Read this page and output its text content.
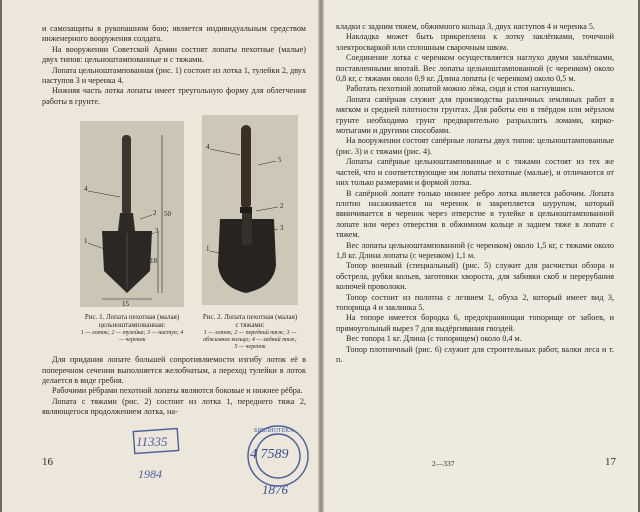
и самозащиты в рукопашном бою; является индивидуальным средством инженерного вооружения солдата.

На вооружении Советской Армии состоят лопаты пехотные (малые) двух типов: цельноштампованные и с тяжами.

Лопата цельноштампованная (рис. 1) состоит из лотка 1, тулейки 2, двух наступов 3 и черенка 4.

Нижняя часть лотка лопаты имеет треугольную форму для облегчения работы в грунте.

4
2
3
1
50
18
15
Рис. 1. Лопата пехотная (малая) цельноштампованная:
1 — лоток; 2 — тулейка; 3 — наступ; 4 — черенок
4
5
2
3
1
Рис. 2. Лопата пехотная (малая) с тяжами:
1 — лоток; 2 — передний тяж; 3 — обжимное кольцо; 4 — задний тяж; 5 — черенок

Для придания лопате большей сопротивляемости изгибу лоток её в поперечном сечении выполняется желобчатым, а переход тулейки в лоток делается в виде гребня.

Рабочими рёбрами пехотной лопаты являются боковые и нижнее рёбра.

Лопата с тяжами (рис. 2) состоит из лотка 1, переднего тяжа 2, являющегося продолжением лотка, на-

16

кладки с задним тяжем, обжимного кольца 3, двух наступов 4 и черенка 5.

Накладка может быть прикреплена к лотку заклёпками, точечной электросваркой или сплошным сварочным швом.

Соединение лотка с черенком осуществляется наглухо двумя заклёпками, поставленными впотай. Вес лопаты цельноштампованной (с черенком) около 0,8 кг, с тяжами около 0,9 кг. Длина лопаты (с черенком) около 0,5 м.

Работать пехотной лопатой можно лёжа, сидя и стоя нагнувшись.

Лопата сапёрная служит для производства различных земляных работ в мягком и средней плотности грунтах. Для работы ею в твёрдом или мёрзлом грунте необходимо грунт предварительно разрыхлить ломами, кирко-мотыгами и другими способами.

На вооружении состоят сапёрные лопаты двух типов: цельноштампованные (рис. 3) и с тяжами (рис. 4).

Лопаты сапёрные цельноштампованные и с тяжами состоят из тех же частей, что и соответствующие им лопаты пехотные (малые), и отличаются от них только размерами и формой лотка.

В сапёрной лопате только нижнее ребро лотка является рабочим. Лопата плотно насаживается на черенок и закрепляется шурупом, который ввинчивается в черенок через отверстие в тулейке в цельноштампованной лопате или через отверстия в обжимном кольце и заднем тяже в лопате с тяжем.

Вес лопаты цельноштампованной (с черенком) около 1,5 кг, с тяжами около 1,8 кг. Длина лопаты (с черенком) 1,1 м.

Топор военный (специальный) (рис. 5) служит для расчистки обзора и обстрела, рубки кольев, заготовки хвороста, для забивки скоб и перерубания колючей проволоки.

Топор состоит из полотна с лезвием 1, обуха 2, который имеет вид 3, топорища 4 и заклинка 5.

На топоре имеется бородка 6, предохраняющая топорище от забоев, и прямоугольный вырез 7 для выдёргивания гвоздей.

Вес топора 1 кг. Длина (с топорищем) около 0,4 м.

Топор плотничный (рис. 6) служит для строительных работ, валки леса и т. п.

2—337	17
11335
1984
4 7589
1876
БИБЛИОТЕКА
